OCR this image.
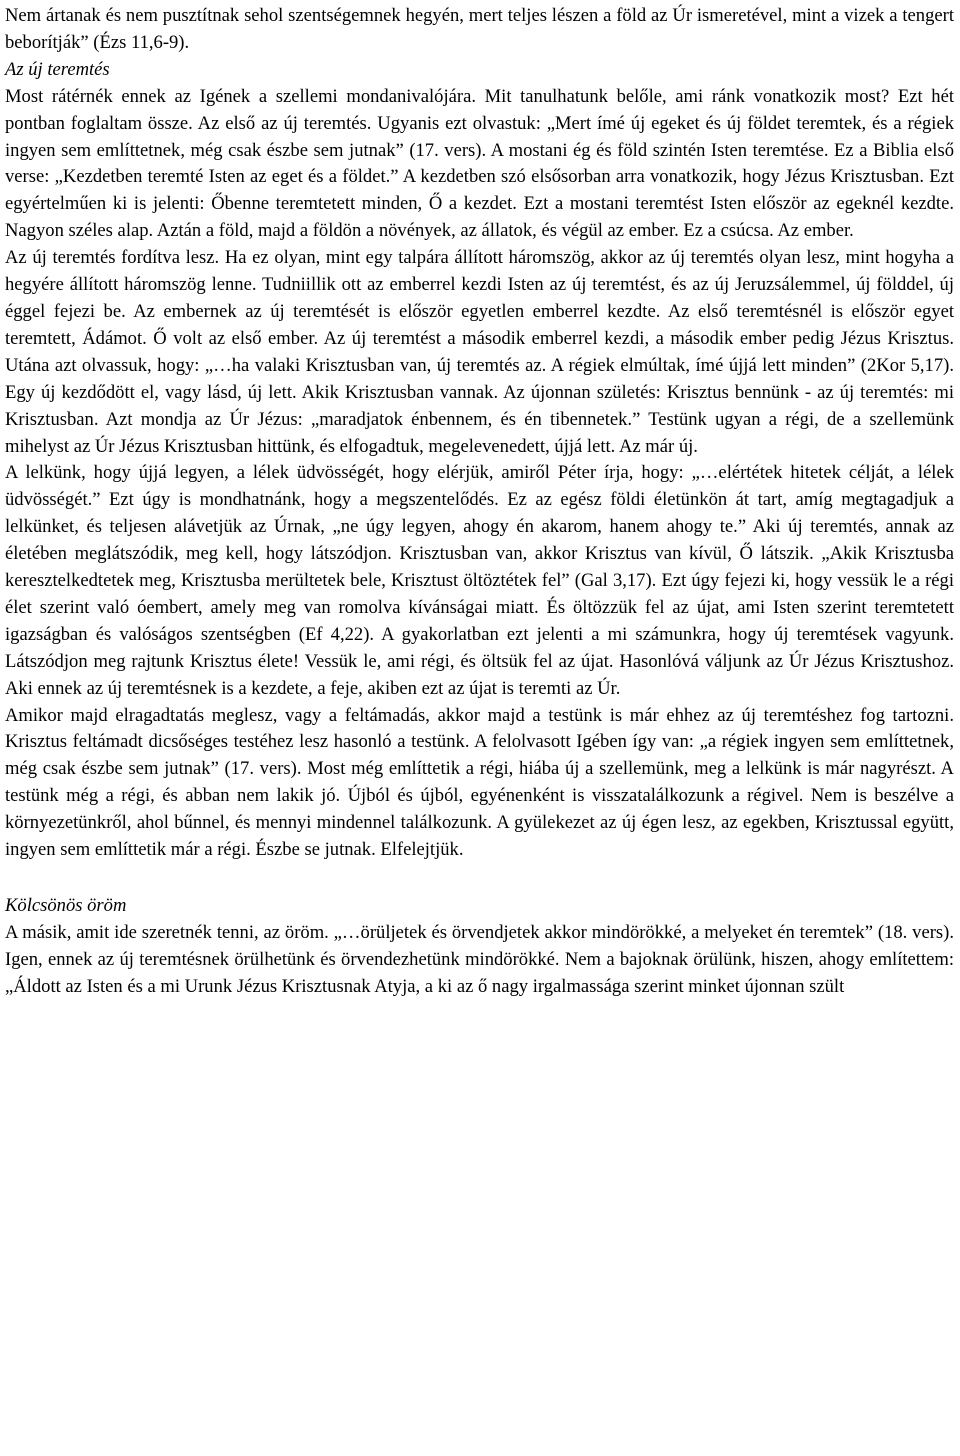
Nem ártanak és nem pusztítnak sehol szentségemnek hegyén, mert teljes lészen a föld az Úr ismeretével, mint a vizek a tengert beborítják” (Ézs 11,6-9).

Az új teremtés

Most rátérnék ennek az Igének a szellemi mondanivalójára. Mit tanulhatunk belőle, ami ránk vonatkozik most? Ezt hét pontban foglaltam össze. Az első az új teremtés. Ugyanis ezt olvastuk: „Mert ímé új egeket és új földet teremtek, és a régiek ingyen sem említtetnek, még csak észbe sem jutnak” (17. vers). A mostani ég és föld szintén Isten teremtése. Ez a Biblia első verse: „Kezdetben teremté Isten az eget és a földet.” A kezdetben szó elsősorban arra vonatkozik, hogy Jézus Krisztusban. Ezt egyértelműen ki is jelenti: Őbenne teremtetett minden, Ő a kezdet. Ezt a mostani teremtést Isten először az egeknél kezdte. Nagyon széles alap. Aztán a föld, majd a földön a növények, az állatok, és végül az ember. Ez a csúcsa. Az ember.

Az új teremtés fordítva lesz. Ha ez olyan, mint egy talpára állított háromszög, akkor az új teremtés olyan lesz, mint hogyha a hegyére állított háromszög lenne. Tudniillik ott az emberrel kezdi Isten az új teremtést, és az új Jeruzsálemmel, új földdel, új éggel fejezi be. Az embernek az új teremtését is először egyetlen emberrel kezdte. Az első teremtésnél is először egyet teremtett, Ádámot. Ő volt az első ember. Az új teremtést a második emberrel kezdi, a második ember pedig Jézus Krisztus. Utána azt olvassuk, hogy: „…ha valaki Krisztusban van, új teremtés az. A régiek elmúltak, ímé újjá lett minden” (2Kor 5,17). Egy új kezdődött el, vagy lásd, új lett. Akik Krisztusban vannak. Az újonnan születés: Krisztus bennünk - az új teremtés: mi Krisztusban. Azt mondja az Úr Jézus: „maradjatok énbennem, és én tibennetek.” Testünk ugyan a régi, de a szellemünk mihelyst az Úr Jézus Krisztusban hittünk, és elfogadtuk, megelevenedett, újjá lett. Az már új.

A lelkünk, hogy újjá legyen, a lélek üdvösségét, hogy elérjük, amiről Péter írja, hogy: „…elértétek hitetek célját, a lélek üdvösségét.” Ezt úgy is mondhatnánk, hogy a megszentelődés. Ez az egész földi életünkön át tart, amíg megtagadjuk a lelkünket, és teljesen alávetjük az Úrnak, „ne úgy legyen, ahogy én akarom, hanem ahogy te.” Aki új teremtés, annak az életében meglátszódik, meg kell, hogy látszódjon. Krisztusban van, akkor Krisztus van kívül, Ő látszik. „Akik Krisztusba keresztelkedtetek meg, Krisztusba merültetek bele, Krisztust öltöztétek fel” (Gal 3,17). Ezt úgy fejezi ki, hogy vessük le a régi élet szerint való óembert, amely meg van romolva kívánságai miatt. És öltözzük fel az újat, ami Isten szerint teremtetett igazságban és valóságos szentségben (Ef 4,22). A gyakorlatban ezt jelenti a mi számunkra, hogy új teremtések vagyunk. Látszódjon meg rajtunk Krisztus élete! Vessük le, ami régi, és öltsük fel az újat. Hasonlóvá váljunk az Úr Jézus Krisztushoz. Aki ennek az új teremtésnek is a kezdete, a feje, akiben ezt az újat is teremti az Úr.

Amikor majd elragadtatás meglesz, vagy a feltámadás, akkor majd a testünk is már ehhez az új teremtéshez fog tartozni. Krisztus feltámadt dicsőséges testéhez lesz hasonló a testünk. A felolvasott Igében így van: „a régiek ingyen sem említtetnek, még csak észbe sem jutnak” (17. vers). Most még említtetik a régi, hiába új a szellemünk, meg a lelkünk is már nagyrészt. A testünk még a régi, és abban nem lakik jó. Újból és újból, egyénenként is visszatalálkozunk a régivel. Nem is beszélve a környezetünkről, ahol bűnnel, és mennyi mindennel találkozunk. A gyülekezet az új égen lesz, az egekben, Krisztussal együtt, ingyen sem említtetik már a régi. Észbe se jutnak. Elfelejtjük.

Kölcsönös öröm

A másik, amit ide szeretnék tenni, az öröm. „…örüljetek és örvendjetek akkor mindörökké, a melyeket én teremtek” (18. vers). Igen, ennek az új teremtésnek örülhetünk és örvendezhetünk mindörökké. Nem a bajoknak örülünk, hiszen, ahogy említettem: „Áldott az Isten és a mi Urunk Jézus Krisztusnak Atyja, a ki az ő nagy irgalmassága szerint minket újonnan szült
